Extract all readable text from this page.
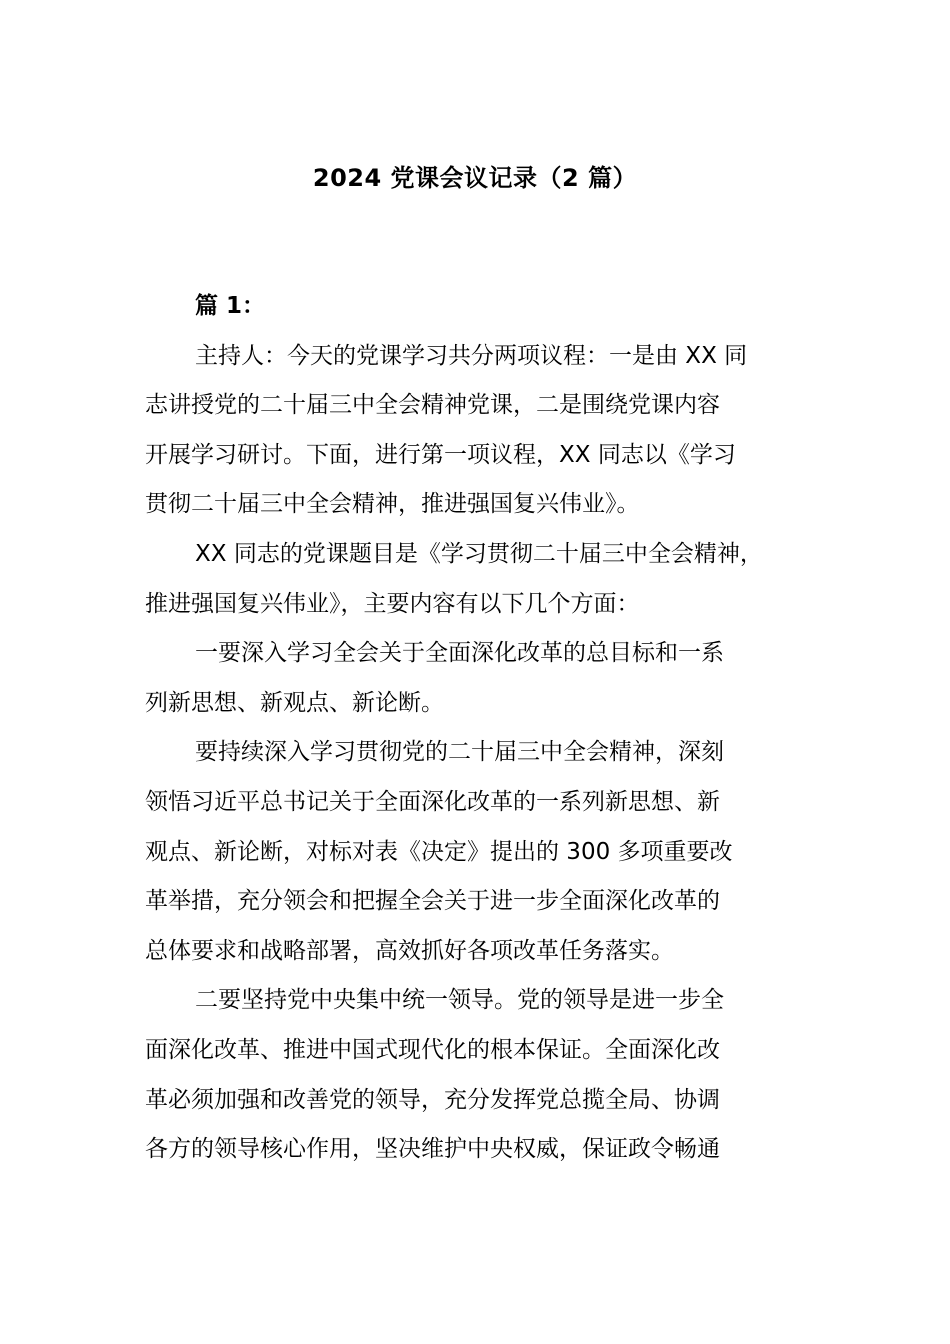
2024 党课会议记录（2 篇）
篇 1：
主持人：今天的党课学习共分两项议程：一是由 XX 同
志讲授党的二十届三中全会精神党课，二是围绕党课内容
开展学习研讨。下面，进行第一项议程，XX 同志以《学习
贯彻二十届三中全会精神，推进强国复兴伟业》。
XX 同志的党课题目是《学习贯彻二十届三中全会精神，
推进强国复兴伟业》，主要内容有以下几个方面：
一要深入学习全会关于全面深化改革的总目标和一系
列新思想、新观点、新论断。
要持续深入学习贯彻党的二十届三中全会精神，深刻
领悟习近平总书记关于全面深化改革的一系列新思想、新
观点、新论断，对标对表《决定》提出的 300 多项重要改
革举措，充分领会和把握全会关于进一步全面深化改革的
总体要求和战略部署，高效抓好各项改革任务落实。
二要坚持党中央集中统一领导。党的领导是进一步全
面深化改革、推进中国式现代化的根本保证。全面深化改
革必须加强和改善党的领导，充分发挥党总揽全局、协调
各方的领导核心作用，坚决维护中央权威，保证政令畅通
